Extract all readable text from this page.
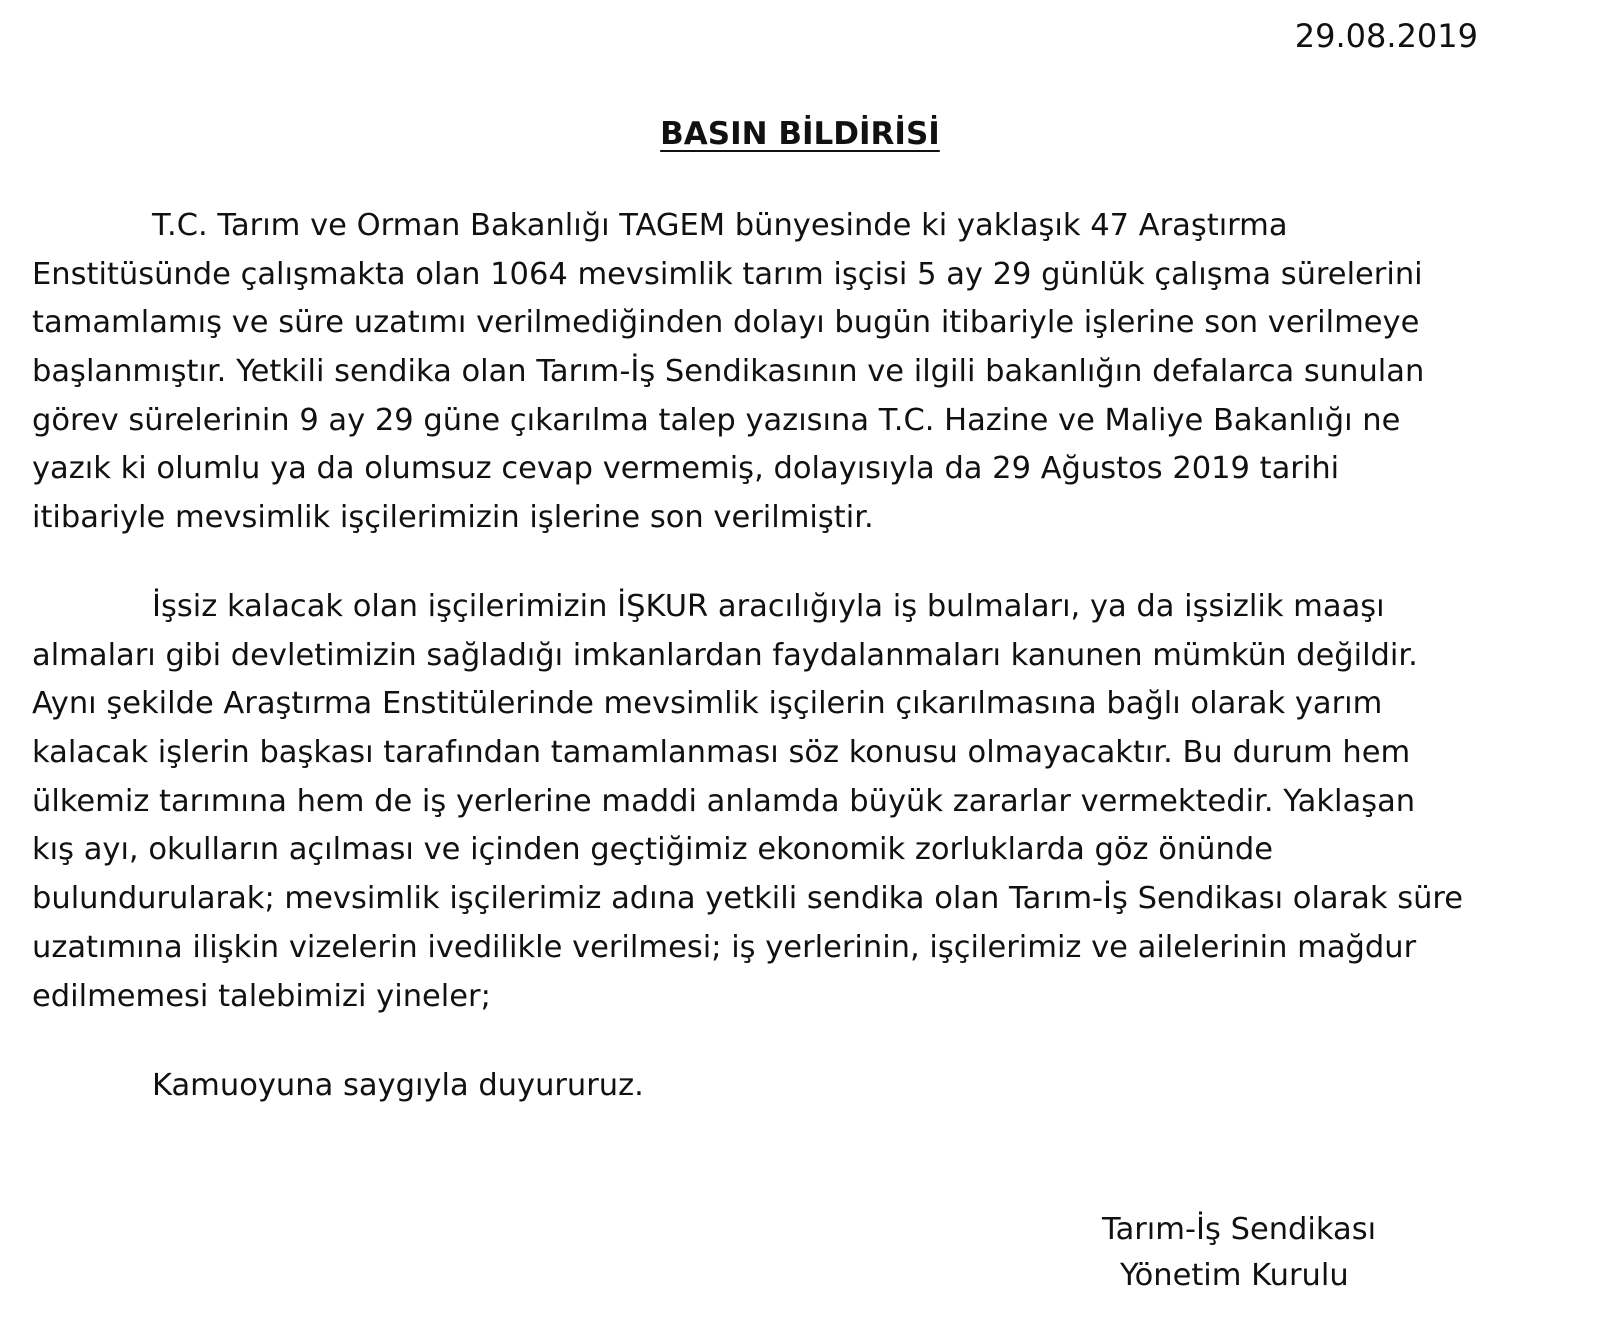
29.08.2019
BASIN BİLDİRİSİ
T.C. Tarım ve Orman Bakanlığı TAGEM bünyesinde ki yaklaşık 47 Araştırma
Enstitüsünde çalışmakta olan 1064 mevsimlik tarım işçisi 5 ay 29 günlük çalışma sürelerini
tamamlamış ve süre uzatımı verilmediğinden dolayı bugün itibariyle işlerine son verilmeye
başlanmıştır. Yetkili sendika olan Tarım-İş Sendikasının ve ilgili bakanlığın defalarca sunulan
görev sürelerinin 9 ay 29 güne çıkarılma talep yazısına T.C. Hazine ve Maliye Bakanlığı ne
yazık ki olumlu ya da olumsuz cevap vermemiş, dolayısıyla da 29 Ağustos 2019 tarihi
itibariyle mevsimlik işçilerimizin işlerine son verilmiştir.
İşsiz kalacak olan işçilerimizin İŞKUR aracılığıyla iş bulmaları, ya da işsizlik maaşı
almaları gibi devletimizin sağladığı imkanlardan faydalanmaları kanunen mümkün değildir.
Aynı şekilde Araştırma Enstitülerinde mevsimlik işçilerin çıkarılmasına bağlı olarak yarım
kalacak işlerin başkası tarafından tamamlanması söz konusu olmayacaktır. Bu durum hem
ülkemiz tarımına hem de iş yerlerine maddi anlamda büyük zararlar vermektedir. Yaklaşan
kış ayı, okulların açılması ve içinden geçtiğimiz ekonomik zorluklarda göz önünde
bulundurularak; mevsimlik işçilerimiz adına yetkili sendika olan Tarım-İş Sendikası olarak süre
uzatımına ilişkin vizelerin ivedilikle verilmesi; iş yerlerinin, işçilerimiz ve ailelerinin mağdur
edilmemesi talebimizi yineler;
Kamuoyuna saygıyla duyururuz.
Tarım-İş Sendikası
Yönetim Kurulu
